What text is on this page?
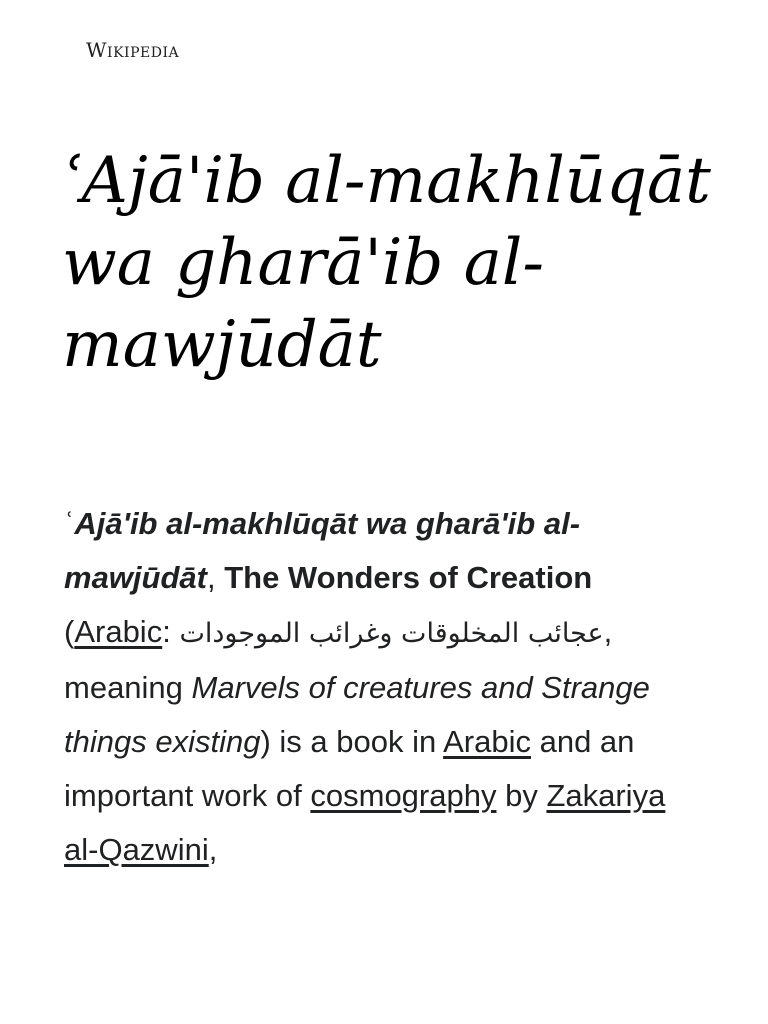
Wikipedia
ʿAjā'ib al-makhlūqāt wa gharā'ib al-mawjūdāt

ʿAjā'ib al-makhlūqāt wa gharā'ib al-mawjūdāt, The Wonders of Creation (Arabic: عجائب المخلوقات وغرائب الموجودات, meaning Marvels of creatures and Strange things existing) is a book in Arabic and an important work of cosmography by Zakariya al-Qazwini,
